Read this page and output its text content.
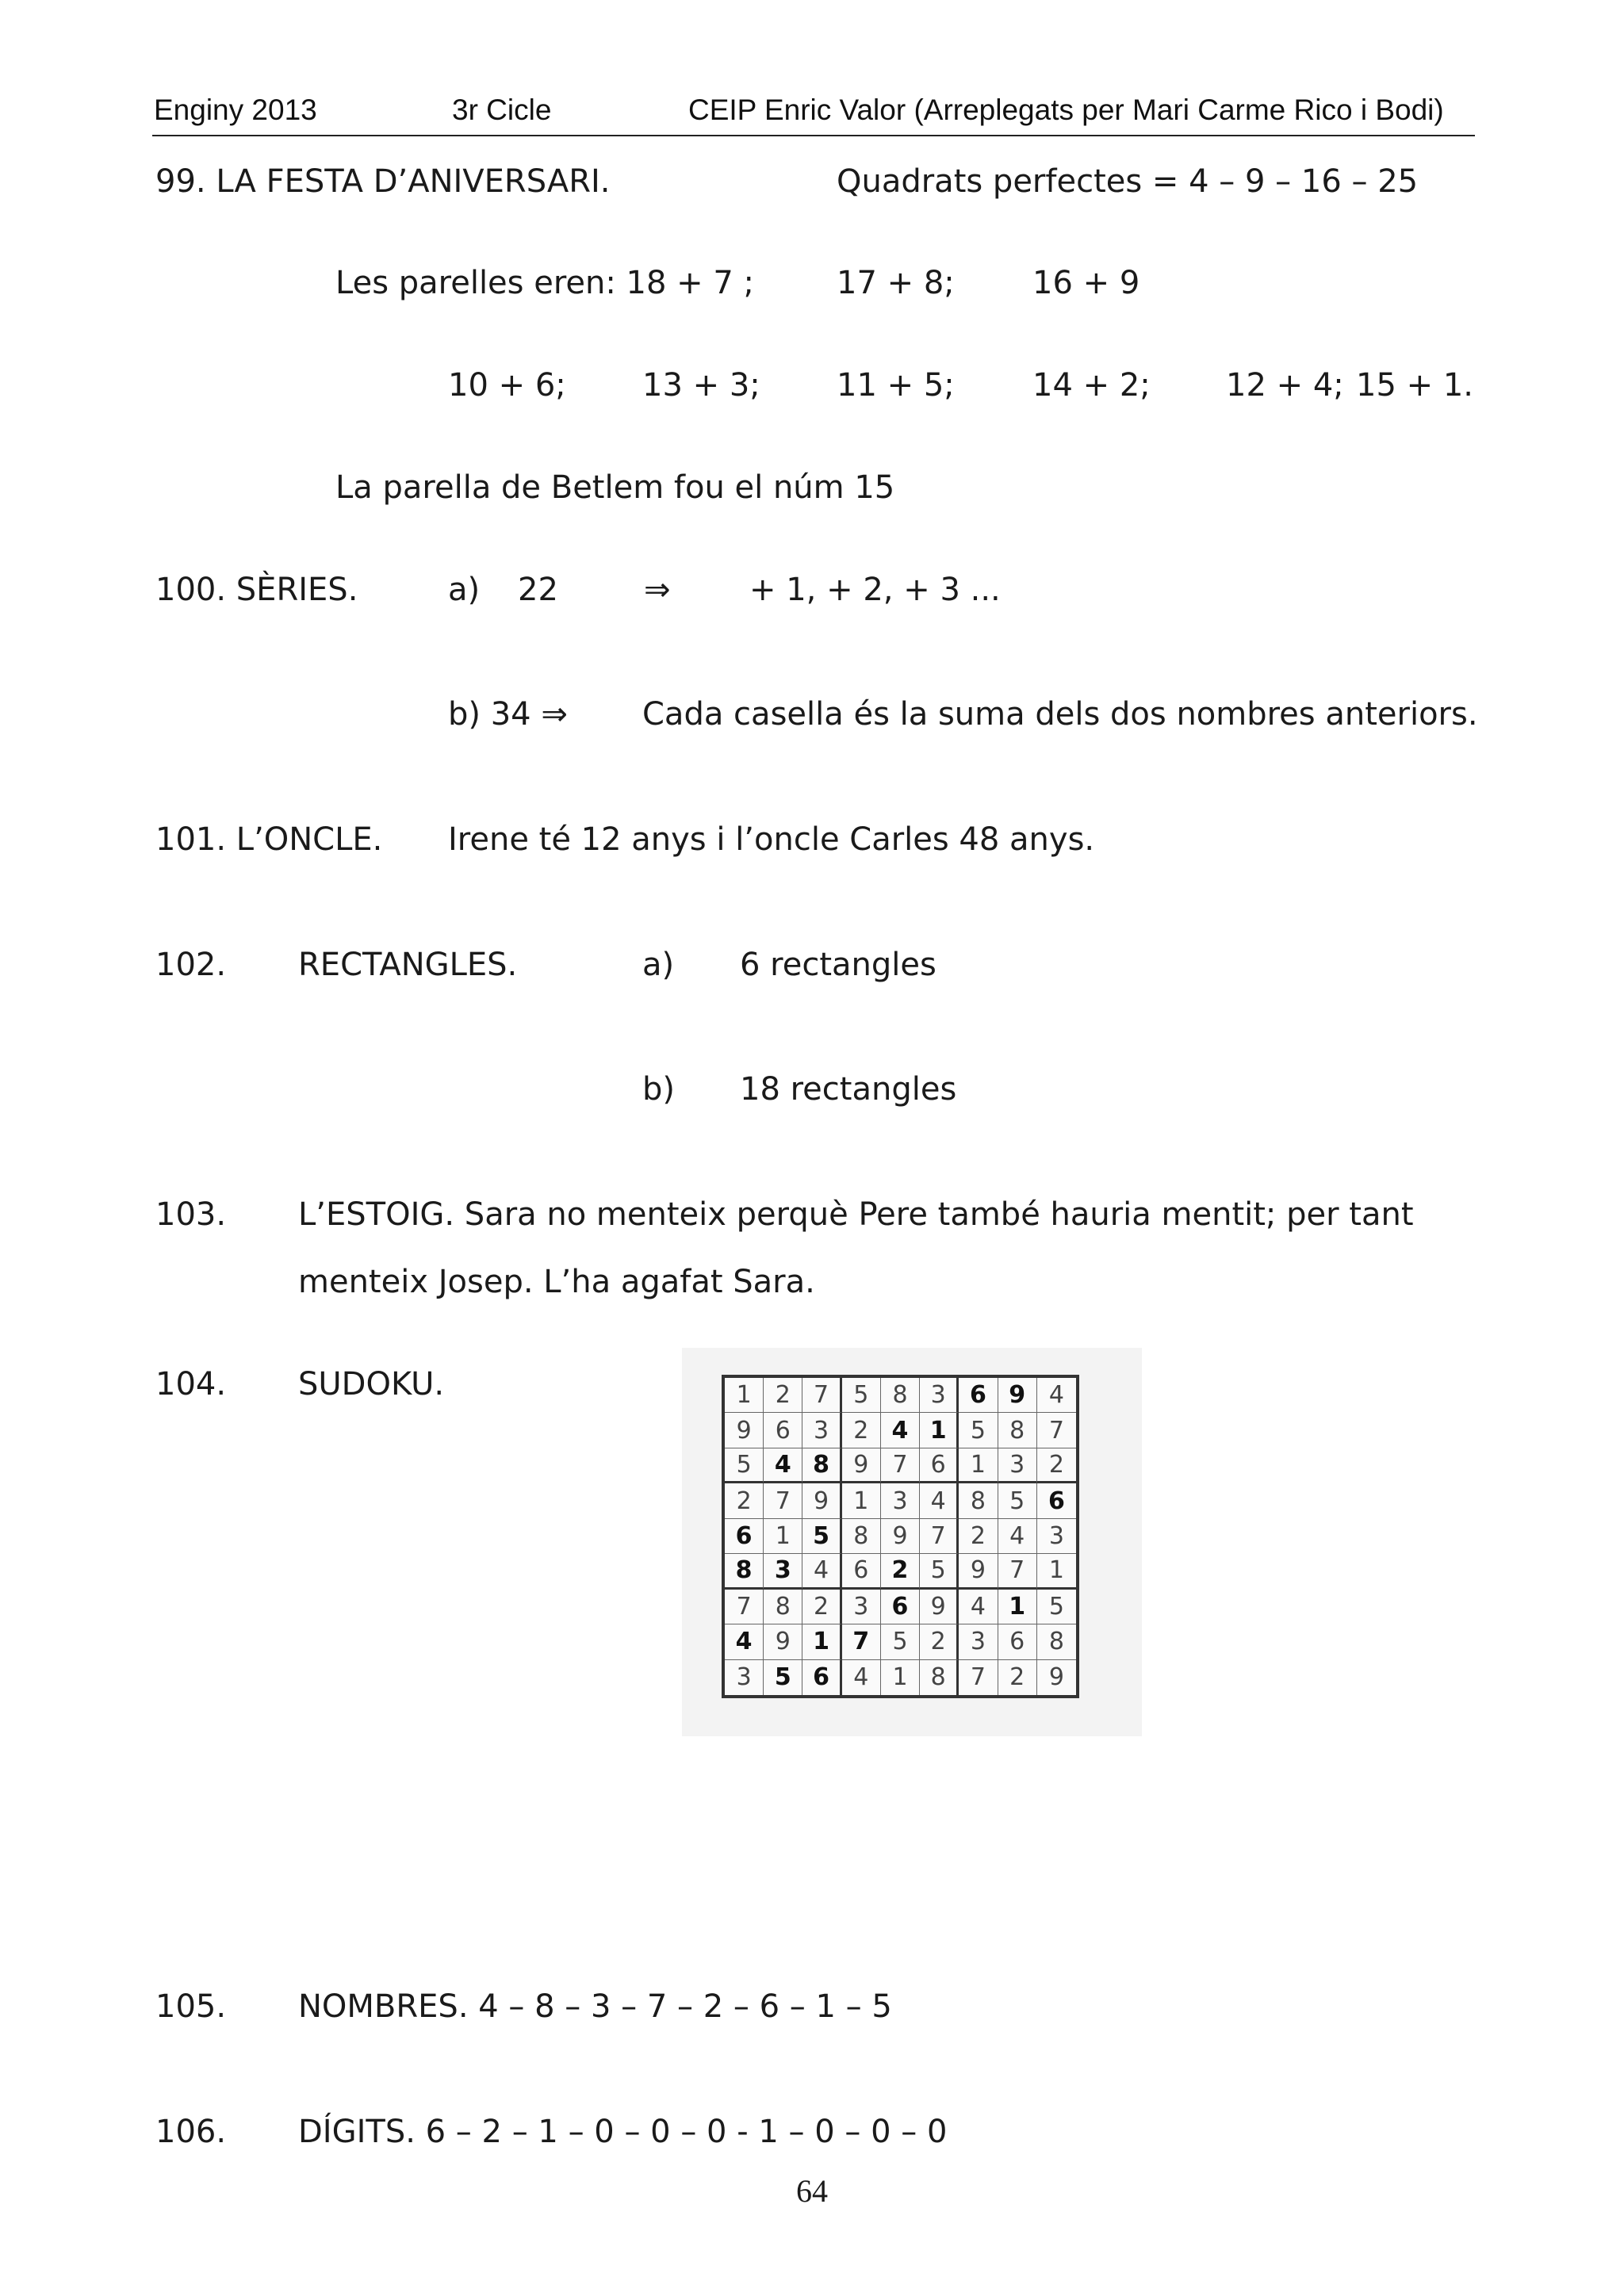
Enginy 2013	3r Cicle	CEIP Enric Valor (Arreplegats per Mari Carme Rico i Bodi)
99. LA FESTA D’ANIVERSARI.	Quadrats perfectes = 4 – 9 – 16 – 25
Les parelles eren: 18 + 7 ;	17 + 8; 16 + 9
10 + 6; 13 + 3; 11 + 5; 14 + 2; 12 + 4; 15 + 1.
La parella de Betlem fou el núm 15
100. SÈRIES.	a) 22	⇒ + 1, + 2, + 3 ...
b) 34 ⇒ Cada casella és la suma dels dos nombres anteriors.
101. L’ONCLE. Irene té 12 anys i l’oncle Carles 48 anys.
102. RECTANGLES.	a) 6 rectangles
b) 18 rectangles
103. L’ESTOIG. Sara no menteix perquè Pere també hauria mentit; per tant
menteix Josep. L’ha agafat Sara.
104. SUDOKU.	1	2 7	5	8 3	6 9 4
9	6 3	2 4 1	5	8	7
5 4 8	9	7 6	1	3	2
2	7 9	1	3 4	8	5 6
6 1 5	8	9 7	2	4	3
8 3 4	6 2 5	9	7	1
7	8 2	3 6 9	4 1 5
4 9 1 7 5 2	3	6	8
3 5 6	4	1 8	7	2	9
105. NOMBRES. 4 – 8 – 3 – 7 – 2 – 6 – 1 – 5
106. DÍGITS. 6 – 2 – 1 – 0 – 0 – 0 - 1 – 0 – 0 – 0
64
